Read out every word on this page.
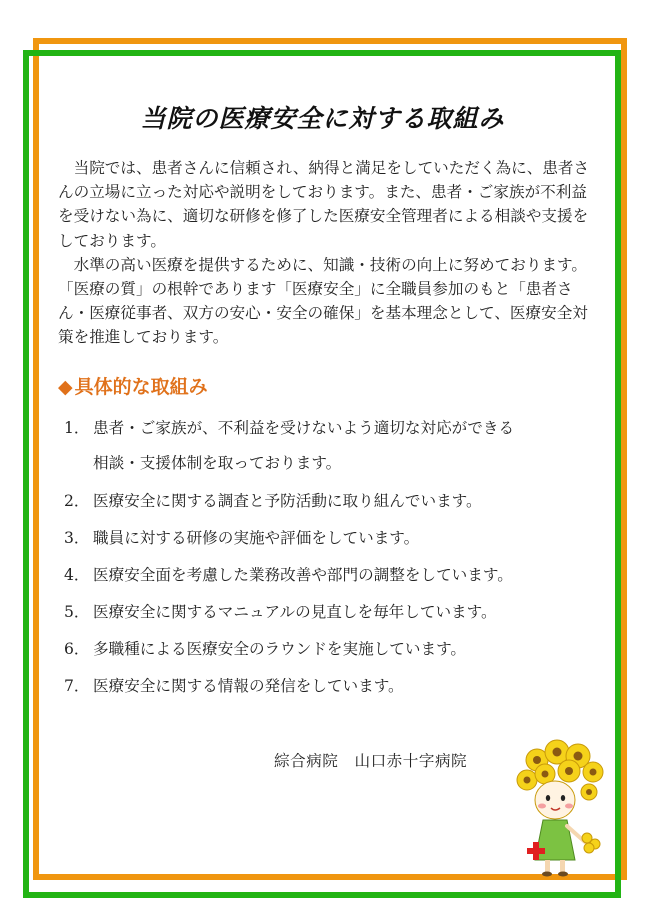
当院の医療安全に対する取組み

当院では、患者さんに信頼され、納得と満足をしていただく為に、患者さんの立場に立った対応や説明をしております。また、患者・ご家族が不利益を受けない為に、適切な研修を修了した医療安全管理者による相談や支援をしております。

水準の高い医療を提供するために、知識・技術の向上に努めております。「医療の質」の根幹であります「医療安全」に全職員参加のもと「患者さん・医療従事者、双方の安心・安全の確保」を基本理念として、医療安全対策を推進しております。

◆ 具体的な取組み
1． 患者・ご家族が、不利益を受けないよう適切な対応ができる
相談・支援体制を取っております。
2． 医療安全に関する調査と予防活動に取り組んでいます。
3． 職員に対する研修の実施や評価をしています。
4． 医療安全面を考慮した業務改善や部門の調整をしています。
5． 医療安全に関するマニュアルの見直しを毎年しています。
6． 多職種による医療安全のラウンドを実施しています。
7． 医療安全に関する情報の発信をしています。

綜合病院　山口赤十字病院
